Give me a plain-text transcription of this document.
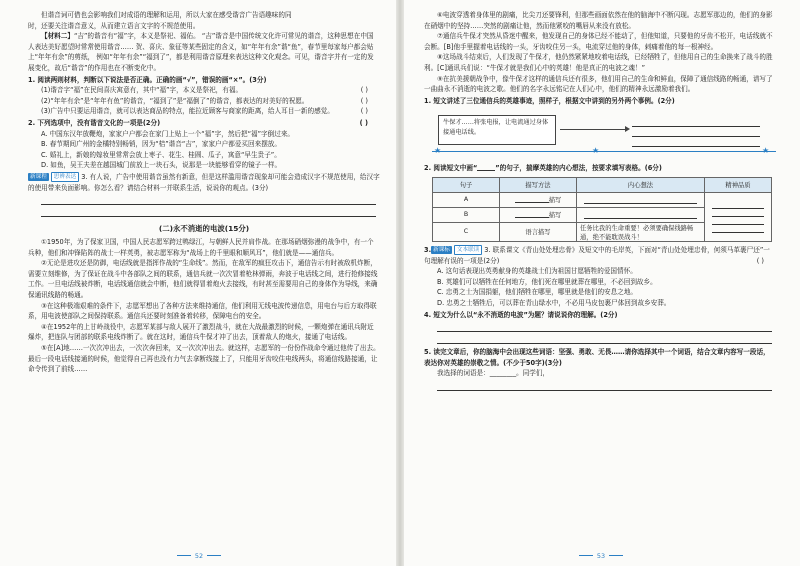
但谐音词可借也会影响我们对成语的理解和运用，所以大家在感受谐音广告语趣味的同

时，还要关注谐音意义，从而建立语言文字的不规范使用。

【材料二】“吉”的谐音有“福”字，本义是祭祀、福佑。 “吉”谐音是中国传统文化许可常见的谐音，这种思想在中国人表达美好愿望时常常使用谐音…… 贺、喜庆、象征等某些固定的含义，如“年年有余”谐“鱼”，春节里每家每户都会贴上“年年有余”的剪纸， 例如“年年有余”“福到了”，都是利用谐音原理来表达这种文化观念。可见，谐音字并有一定的发展变化，故后“谐音”的作用也在不断变化中。

1. 阅读两则材料，判断以下说法是否正确。正确的画“√”，错误的画“×”。(3分)

(1)谐音字“福”在民间喜庆寓意有，其中“福”字，本义是祭祀，有福。	( )

(2)“年年有余”是“年年有鱼”的谐音，“福到了”是“福倒了”的谐音，都表达的对美好的祝愿。	( )

(3)广告中只要运用谐音，就可以表达商品的特点，能拉近顾客与商家的距离，给人耳目一新的感觉。	( )

2. 下列选项中，没有谐音文化的一项是(2分)	( )

A. 中国东汉年放鞭炮，家家户户都会在家门上贴上一个“福”字，然后把“福”字倒过来。

B. 春节期间广州的金橘特别畅销，因为“桔”谐音“吉”，家家户户都爱买回来摆放。

C. 婚礼上，新娘的嫁妆里常常会放上枣子、花生、桂圆、瓜子，寓意“早生贵子”。

D. 如鱼，吴王夫差在越国城门前放上一块石头，说那是一块能够看穿的镜子一样。

新课程 思辨表达 3. 有人说，广告中使用谐音虽然有新意，但是这样滥用谐音现象却可能会造成汉字不规范使用，给汉字的使用带来负面影响。你怎么看？请结合材料一并联系生活，说说你的观点。(3分)

(二)永不消逝的电波(15分)

①1950年，为了保家卫国，中国人民志愿军跨过鸭绿江，与朝鲜人民并肩作战。在那场硝烟弥漫的战争中，有一个兵种，他们和冲锋陷阵的战士一样英勇，被志愿军称为“战场上的千里眼和顺风耳”，他们就是——通信兵。

②无论是进攻还是防御，电话线就是指挥作战的“生命线”。然而，在敌军的疯狂攻击下，通信告示有时被敌机炸断，需要立刻维修，为了保证在战斗中各部队之间的联系，通信兵就一次次冒着枪林弹雨，奔波于电话线之间，进行抢修接线工作。一旦电话线被炸断，电话线通信就会中断，他们就得冒着炮火去接线，有时甚至需要用自己的身体作为导线，来确保通讯线路的畅通。

③在这种极端艰难的条件下，志愿军想出了各种方法来维持通信，他们利用无线电波传递信息，用电台与后方取得联系，用电波使部队之间保持联系。通信兵还要时刻准备着转移，保障电台的安全。

④在1952年的上甘岭战役中，志愿军某部与敌人展开了激烈战斗，就在大战最激烈的时候，一颗炮弹在通讯兵附近爆炸，把连队与团部的联系电线炸断了。就在这时，通信兵牛保才冲了出去，顶着敌人的炮火，接通了电话线。

⑤在[A]地……一次次冲出去，一次次奔回来，又一次次冲出去。就这样，志愿军的一份份作战命令通过他传了出去。最后一段电话线接通的时候，他觉得自己再也没有力气去拿断线接上了，只能用牙齿咬住电线两头，将通信线路接通，让命令传到了前线……

52

⑥电波穿透着身体里的剧痛，比尖刀还要锋利，但那些画面依然在他的脑海中不断闪现。志愿军那边的，他们的身影在硝烟中的坚持……突然的剧痛让他，然而他紧咬的嘴唇从来没有放松。

⑦通信兵牛保才突然从昏迷中醒来，他发现自己的身体已经不能动了，但他知道，只要他的牙齿不松开，电话线就不会断。[B]他手里握着电话线的一头，牙齿咬住另一头，电流穿过他的身体，刺痛着他的每一根神经。

⑧这场战斗结束后，人们发现了牛保才，他仍然紧紧地咬着电话线，已经牺牲了，但他用自己的生命换来了战斗的胜利。[C]通讯兵们说：“牛保才就是我们心中的英雄！他是真正的电波之魂！”

⑨在抗美援朝战争中，像牛保才这样的通信兵还有很多，他们用自己的生命和鲜血，保障了通信线路的畅通，谱写了一曲曲永不消逝的电波之歌。他们的名字永远铭记在人们心中，他们的精神永远激励着我们。

1. 短文讲述了三位通信兵的英雄事迹，照样子，根据文中讲到的另外两个事例。(2分)

牛保才……将张电报，让电流通过身体接通电话线。
★	★	★

2. 阅读短文中画“	”的句子，揣摩英雄的内心想法，按要求填写表格。(6分)

句子	描写方法	内心想法	精神品质
A	描写	

B	描写		

C	语言描写	任务比我的生命重要！必须要确保线路畅通，绝不能耽误战斗！	

3. 新课标 文本联读 3. 联系课文《青山处处埋忠骨》及短文中的毛岸英，下面对“青山处处埋忠骨，何须马革裹尸还”一句理解有误的一项是(2分)	( )

A. 这句话表现出英勇献身的英雄战士们为祖国甘愿牺牲的爱国情怀。

B. 英雄们可以牺牲在任何地方，他们死在哪里就葬在哪里，不必回到故乡。

C. 忠勇之士为国捐躯，他们牺牲在哪里，哪里就是他们的安息之地。

D. 忠勇之士牺牲后，可以葬在青山绿水中，不必用马皮包裹尸体回到故乡安葬。

4. 短文为什么以“永不消逝的电波”为题？请说说你的理解。(2分)

5. 读完文章后，你的脑海中会出现这些词语：坚强、勇敢、无畏……请你选择其中一个词语，结合文章内容写一段话，表达你对英雄的崇敬之情。(不少于50字)(3分)

我选择的词语是：________。同学们，

53
